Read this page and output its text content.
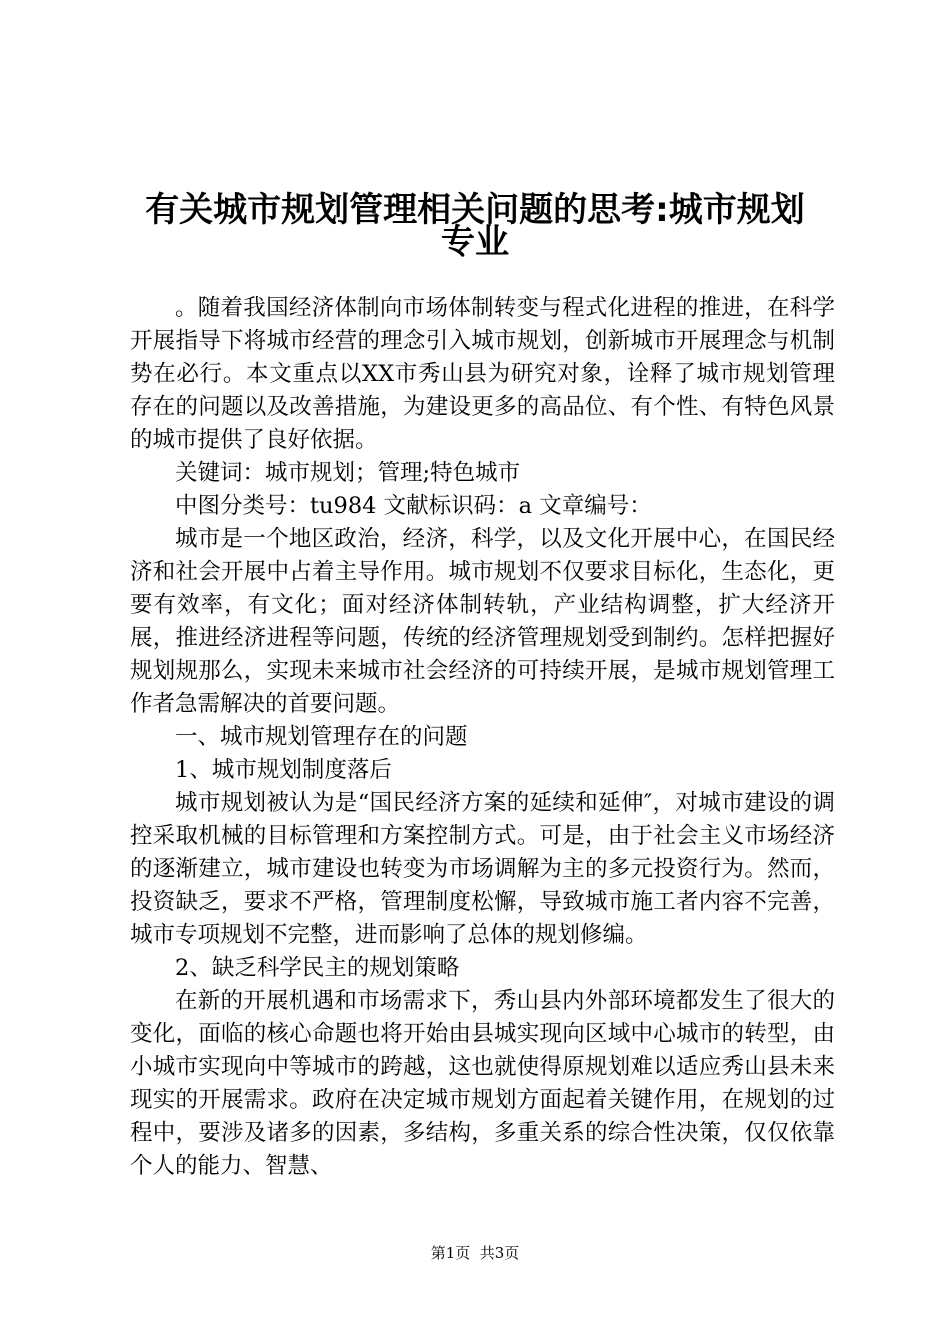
有关城市规划管理相关问题的思考:城市规划
专业

。随着我国经济体制向市场体制转变与程式化进程的推进，在科学开展指导下将城市经营的理念引入城市规划，创新城市开展理念与机制势在必行。本文重点以XX市秀山县为研究对象，诠释了城市规划管理存在的问题以及改善措施，为建设更多的高品位、有个性、有特色风景的城市提供了良好依据。

关键词：城市规划；管理;特色城市

中图分类号：tu984 文献标识码：a 文章编号：

城市是一个地区政治，经济，科学，以及文化开展中心，在国民经济和社会开展中占着主导作用。城市规划不仅要求目标化，生态化，更要有效率，有文化；面对经济体制转轨，产业结构调整，扩大经济开展，推进经济进程等问题，传统的经济管理规划受到制约。怎样把握好规划规那么，实现未来城市社会经济的可持续开展，是城市规划管理工作者急需解决的首要问题。

一、城市规划管理存在的问题

1、城市规划制度落后

城市规划被认为是“国民经济方案的延续和延伸″，对城市建设的调控采取机械的目标管理和方案控制方式。可是，由于社会主义市场经济的逐渐建立，城市建设也转变为市场调解为主的多元投资行为。然而，投资缺乏，要求不严格，管理制度松懈，导致城市施工者内容不完善，城市专项规划不完整，进而影响了总体的规划修编。

2、缺乏科学民主的规划策略

在新的开展机遇和市场需求下，秀山县内外部环境都发生了很大的变化，面临的核心命题也将开始由县城实现向区域中心城市的转型，由小城市实现向中等城市的跨越，这也就使得原规划难以适应秀山县未来现实的开展需求。政府在决定城市规划方面起着关键作用，在规划的过程中，要涉及诸多的因素，多结构，多重关系的综合性决策，仅仅依靠个人的能力、智慧、

第1页  共3页
